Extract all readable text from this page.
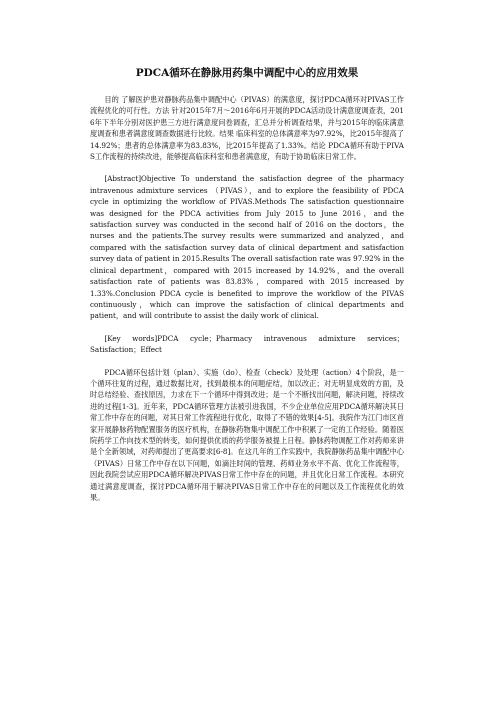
PDCA循环在静脉用药集中调配中心的应用效果

目的 了解医护患对静脉药品集中调配中心（PIVAS）的满意度，探讨PDCA循环对PIVAS工作流程优化的可行性。方法 针对2015年7月～2016年6月开展的PDCA活动设计满意度调查表，2016年下半年分别对医护患三方进行满意度问卷调查，汇总并分析调查结果，并与2015年的临床满意度调查和患者满意度调查数据进行比较。结果 临床科室的总体满意率为97.92%，比2015年提高了14.92%；患者的总体满意率为83.83%，比2015年提高了1.33%。结论 PDCA循环有助于PIVAS工作流程的持续改进，能够提高临床科室和患者满意度，有助于协助临床日常工作。

[Abstract]Objective To understand the satisfaction degree of the pharmacy intravenous admixture services （PIVAS），and to explore the feasibility of PDCA cycle in optimizing the workflow of PIVAS.Methods The satisfaction questionnaire was designed for the PDCA activities from July 2015 to June 2016，and the satisfaction survey was conducted in the second half of 2016 on the doctors，the nurses and the patients.The survey results were summarized and analyzed，and compared with the satisfaction survey data of clinical department and satisfaction survey data of patient in 2015.Results The overall satisfaction rate was 97.92% in the clinical department，compared with 2015 increased by 14.92%，and the overall satisfaction rate of patients was 83.83%，compared with 2015 increased by 1.33%.Conclusion PDCA cycle is benefited to improve the workflow of the PIVAS continuously，which can improve the satisfaction of clinical departments and patient，and will contribute to assist the daily work of clinical.

[Key words]PDCA cycle；Pharmacy intravenous admixture services；Satisfaction；Effect

PDCA循环包括计划（plan）、实施（do）、检查（check）及处理（action）4个阶段，是一个循环往复的过程，通过数据比对，找到最根本的问题症结，加以改正；对无明显成效的方面，及时总结经验、查找原因，力求在下一个循环中得到改进；是一个不断找出问题，解决问题，持续改进的过程[1-3]。近年来，PDCA循环管理方法被引进我国，不少企业单位应用PDCA循环解决其日常工作中存在的问题，对其日常工作流程进行优化，取得了不错的效果[4-5]。我院作为江门市区首家开展静脉药物配置服务的医疗机构，在静脉药物集中调配工作中积累了一定的工作经验。随着医院药学工作向技术型的转变，如何提供优质的药学服务被提上日程。静脉药物调配工作对药师来讲是个全新领域，对药师提出了更高要求[6-8]。在这几年的工作实践中，我院静脉药品集中调配中心（PIVAS）日常工作中存在以下问题，如滴注时间的管理、药师业务水平不高、优化工作流程等，因此我院尝试应用PDCA循环解决PIVAS日常工作中存在的问题，并且优化日常工作流程。本研究通过满意度调查，探讨PDCA循环用于解决PIVAS日常工作中存在的问题以及工作流程优化的效果。
